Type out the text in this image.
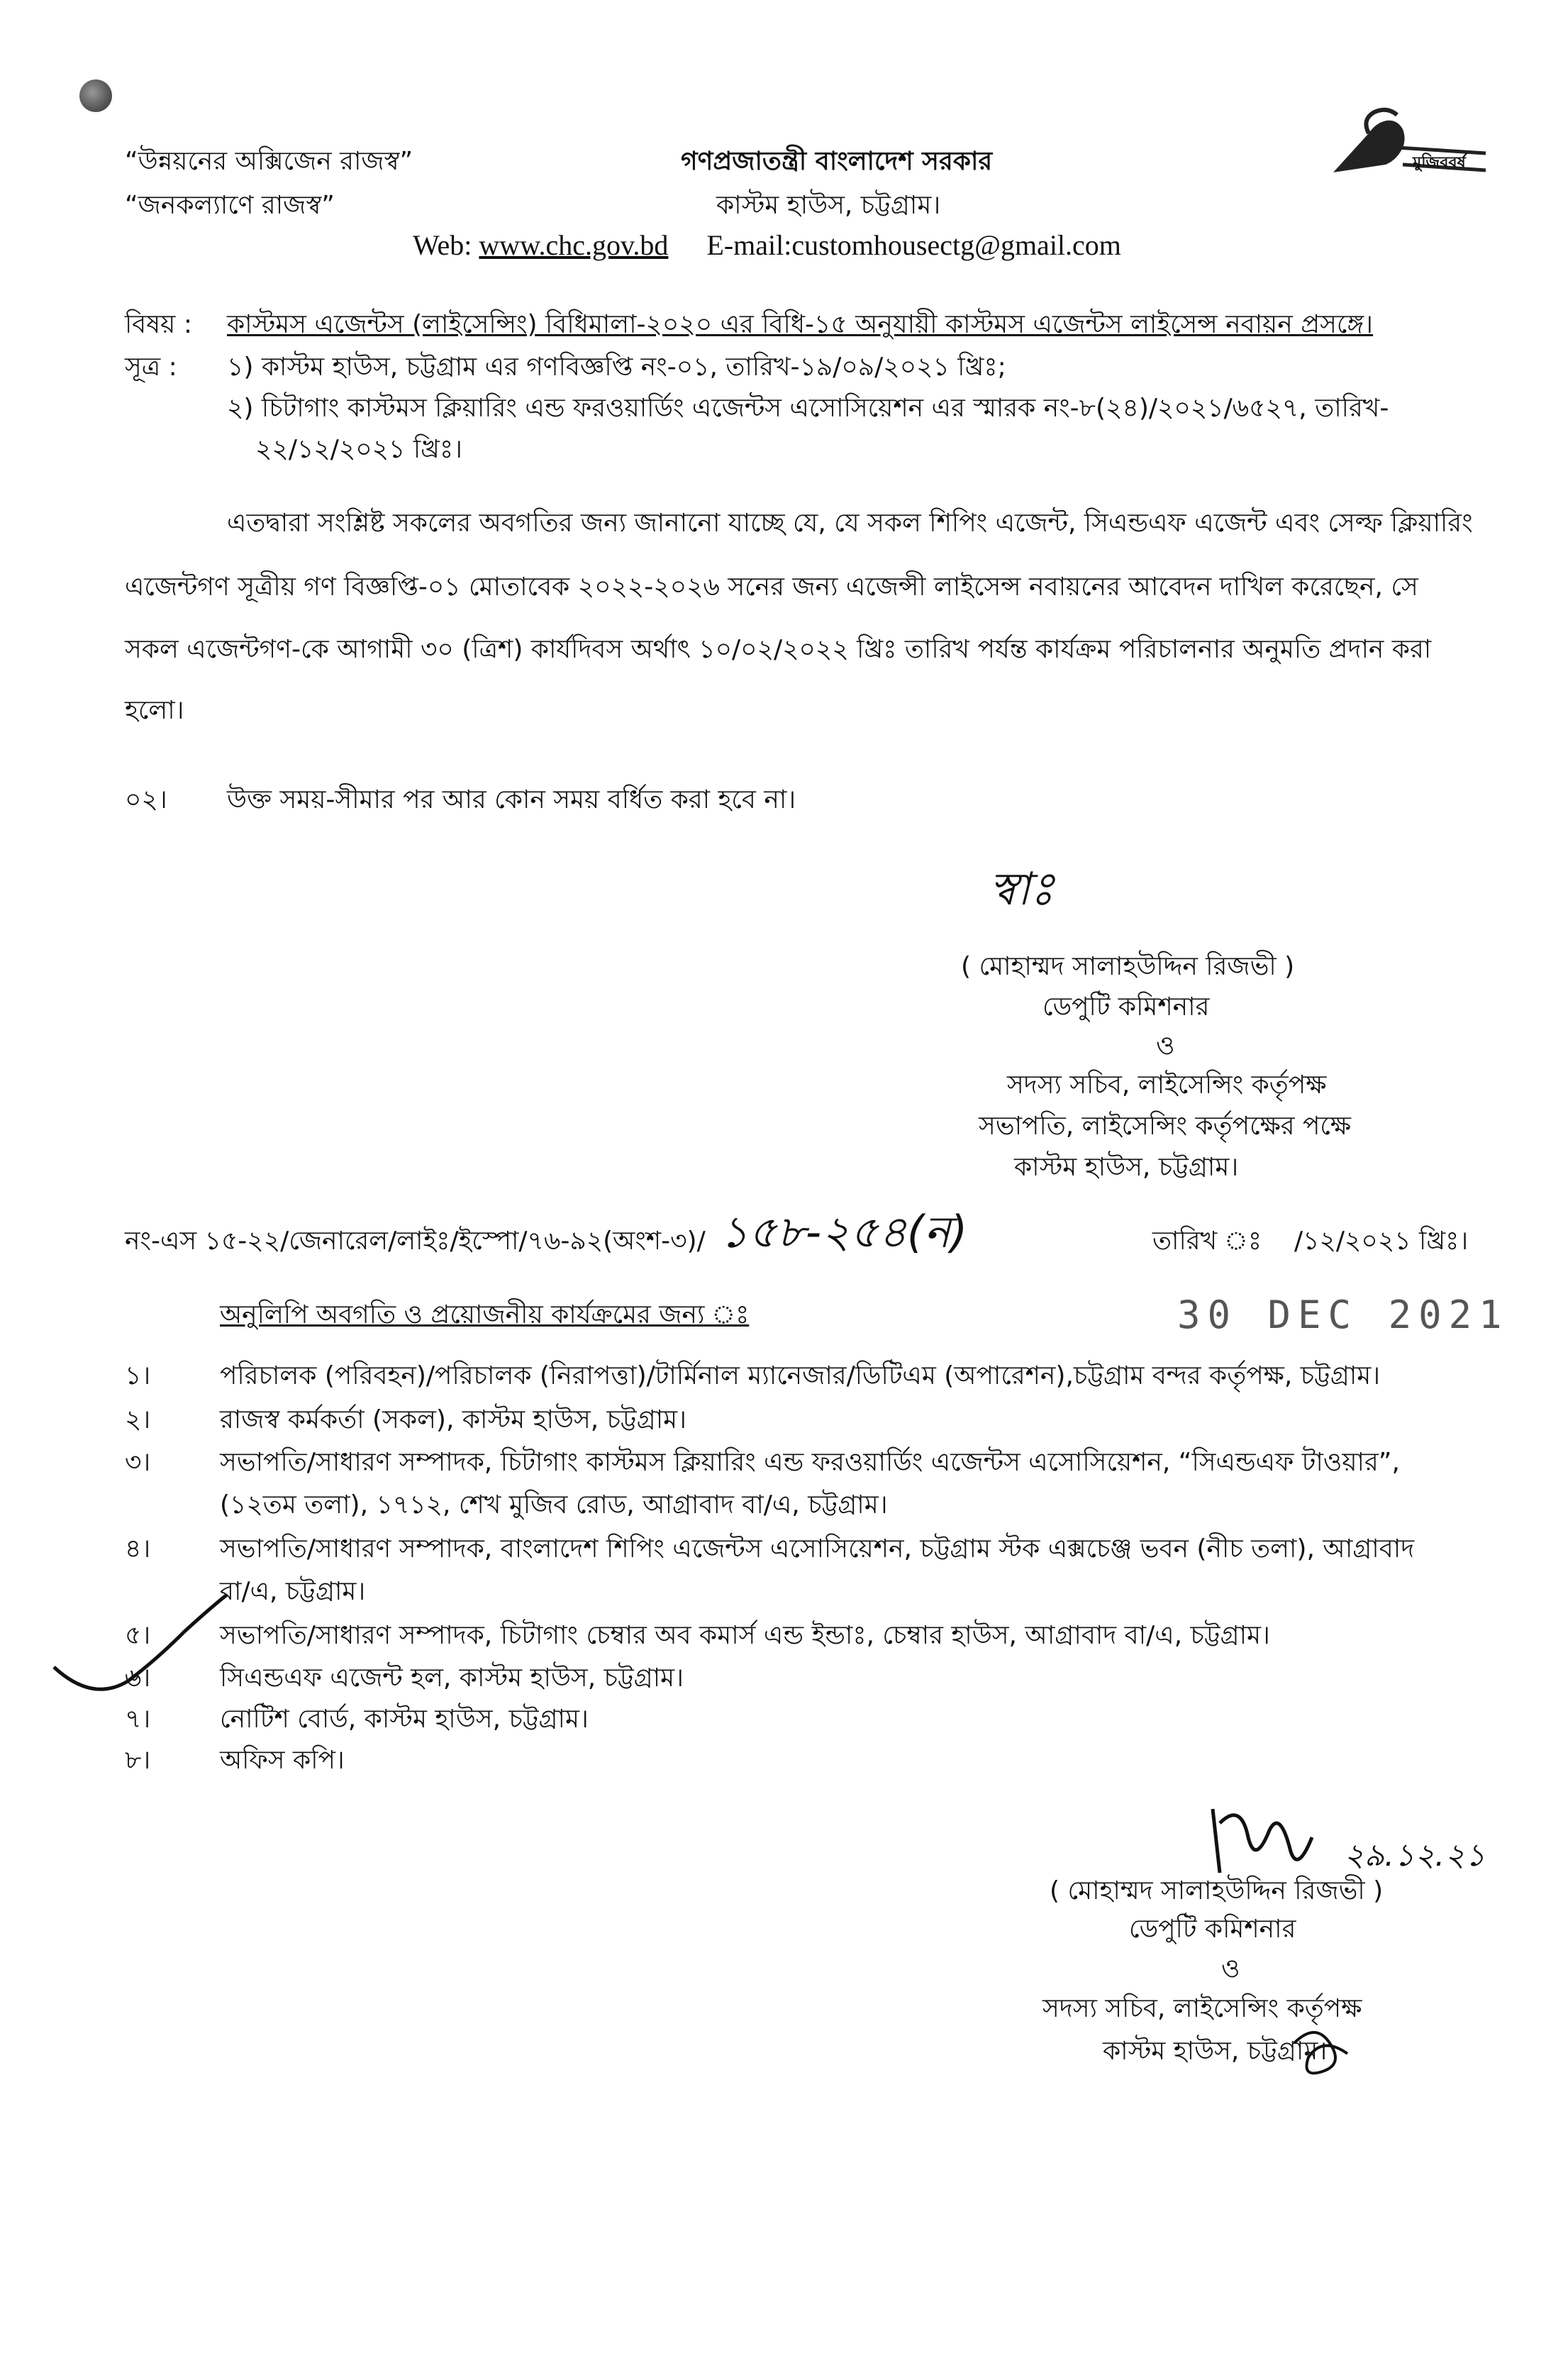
“উন্নয়নের অক্সিজেন রাজস্ব”
“জনকল্যাণে রাজস্ব”
গণপ্রজাতন্ত্রী বাংলাদেশ সরকার
কাস্টম হাউস, চট্টগ্রাম।
Web: www.chc.gov.bd E-mail:customhousectg@gmail.com
মুজিববর্ষ
বিষয় : কাস্টমস এজেন্টস (লাইসেন্সিং) বিধিমালা-২০২০ এর বিধি-১৫ অনুযায়ী কাস্টমস এজেন্টস লাইসেন্স নবায়ন প্রসঙ্গে।
সূত্র : ১) কাস্টম হাউস, চট্টগ্রাম এর গণবিজ্ঞপ্তি নং-০১, তারিখ-১৯/০৯/২০২১ খ্রিঃ;
২) চিটাগাং কাস্টমস ক্লিয়ারিং এন্ড ফরওয়ার্ডিং এজেন্টস এসোসিয়েশন এর স্মারক নং-৮(২৪)/২০২১/৬৫২৭, তারিখ-
২২/১২/২০২১ খ্রিঃ।
এতদ্বারা সংশ্লিষ্ট সকলের অবগতির জন্য জানানো যাচ্ছে যে, যে সকল শিপিং এজেন্ট, সিএন্ডএফ এজেন্ট এবং সেল্ফ ক্লিয়ারিং
এজেন্টগণ সূত্রীয় গণ বিজ্ঞপ্তি-০১ মোতাবেক ২০২২-২০২৬ সনের জন্য এজেন্সী লাইসেন্স নবায়নের আবেদন দাখিল করেছেন, সে
সকল এজেন্টগণ-কে আগামী ৩০ (ত্রিশ) কার্যদিবস অর্থাৎ ১০/০২/২০২২ খ্রিঃ তারিখ পর্যন্ত কার্যক্রম পরিচালনার অনুমতি প্রদান করা
হলো।
০২। উক্ত সময়-সীমার পর আর কোন সময় বর্ধিত করা হবে না।
স্বাঃ
( মোহাম্মদ সালাহউদ্দিন রিজভী )
ডেপুটি কমিশনার
ও
সদস্য সচিব, লাইসেন্সিং কর্তৃপক্ষ
সভাপতি, লাইসেন্সিং কর্তৃপক্ষের পক্ষে
কাস্টম হাউস, চট্টগ্রাম।
নং-এস ১৫-২২/জেনারেল/লাইঃ/ইস্পো/৭৬-৯২(অংশ-৩)/ ১৫৮-২৫৪(ন)	তারিখ ঃ /১২/২০২১ খ্রিঃ।
30 DEC 2021
অনুলিপি অবগতি ও প্রয়োজনীয় কার্যক্রমের জন্য ঃ
১।	পরিচালক (পরিবহন)/পরিচালক (নিরাপত্তা)/টার্মিনাল ম্যানেজার/ডিটিএম (অপারেশন),চট্টগ্রাম বন্দর কর্তৃপক্ষ, চট্টগ্রাম।
২।	রাজস্ব কর্মকর্তা (সকল), কাস্টম হাউস, চট্টগ্রাম।
৩।	সভাপতি/সাধারণ সম্পাদক, চিটাগাং কাস্টমস ক্লিয়ারিং এন্ড ফরওয়ার্ডিং এজেন্টস এসোসিয়েশন, “সিএন্ডএফ টাওয়ার”,
(১২তম তলা), ১৭১২, শেখ মুজিব রোড, আগ্রাবাদ বা/এ, চট্টগ্রাম।
৪।	সভাপতি/সাধারণ সম্পাদক, বাংলাদেশ শিপিং এজেন্টস এসোসিয়েশন, চট্টগ্রাম স্টক এক্সচেঞ্জ ভবন (নীচ তলা), আগ্রাবাদ
বা/এ, চট্টগ্রাম।
৫।	সভাপতি/সাধারণ সম্পাদক, চিটাগাং চেম্বার অব কমার্স এন্ড ইন্ডাঃ, চেম্বার হাউস, আগ্রাবাদ বা/এ, চট্টগ্রাম।
৬।	সিএন্ডএফ এজেন্ট হল, কাস্টম হাউস, চট্টগ্রাম।
৭।	নোটিশ বোর্ড, কাস্টম হাউস, চট্টগ্রাম।
৮।	অফিস কপি।
২৯.১২.২১
( মোহাম্মদ সালাহউদ্দিন রিজভী )
ডেপুটি কমিশনার
ও
সদস্য সচিব, লাইসেন্সিং কর্তৃপক্ষ
কাস্টম হাউস, চট্টগ্রাম।
